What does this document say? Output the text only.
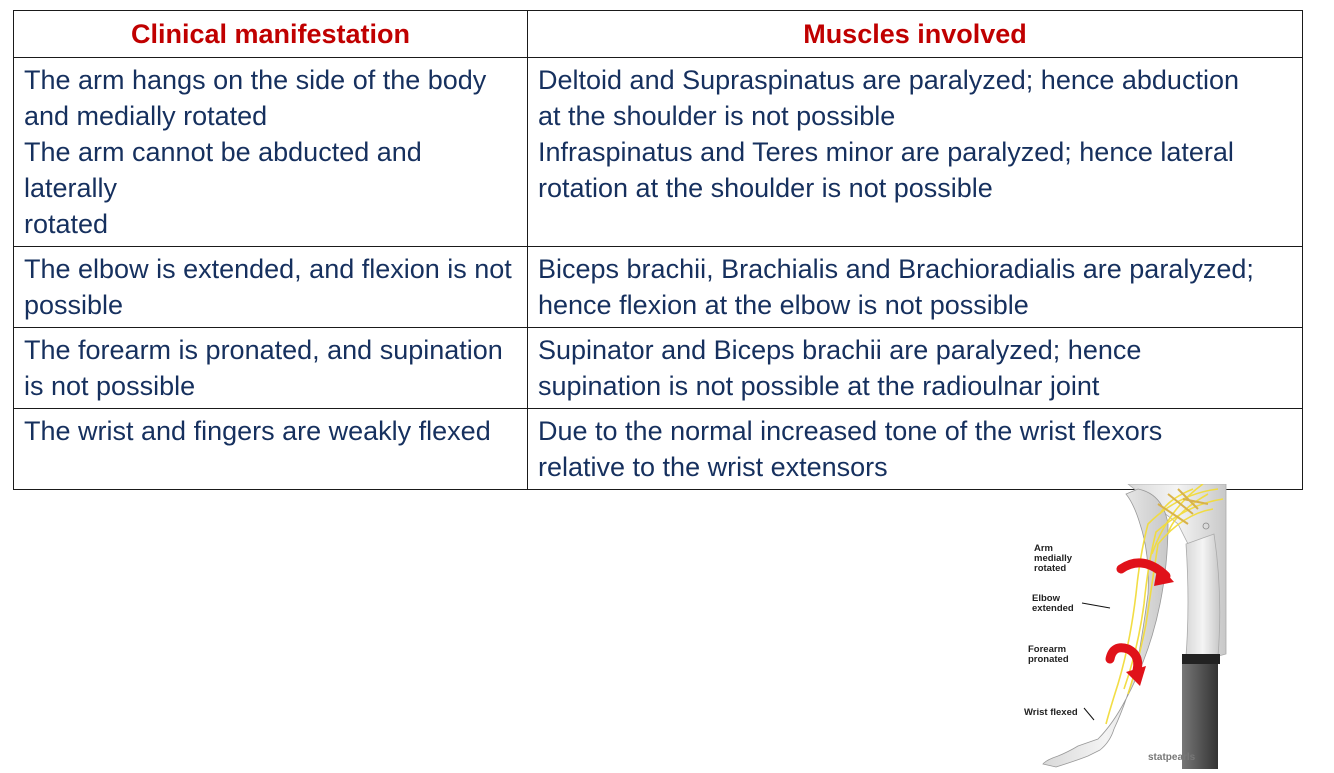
Clinical manifestation	Muscles involved

The arm hangs on the side of the body
and medially rotated
The arm cannot be abducted and laterally
rotated	Deltoid and Supraspinatus are paralyzed; hence abduction
at the shoulder is not possible
Infraspinatus and Teres minor are paralyzed; hence lateral
rotation at the shoulder is not possible

The elbow is extended, and flexion is not
possible	Biceps brachii, Brachialis and Brachioradialis are paralyzed;
hence flexion at the elbow is not possible

The forearm is pronated, and supination
is not possible	Supinator and Biceps brachii are paralyzed; hence
supination is not possible at the radioulnar joint

The wrist and fingers are weakly flexed	Due to the normal increased tone of the wrist flexors
relative to the wrist extensors
Arm
medially
rotated
Elbow
extended
Forearm
pronated
Wrist flexed
statpearls
